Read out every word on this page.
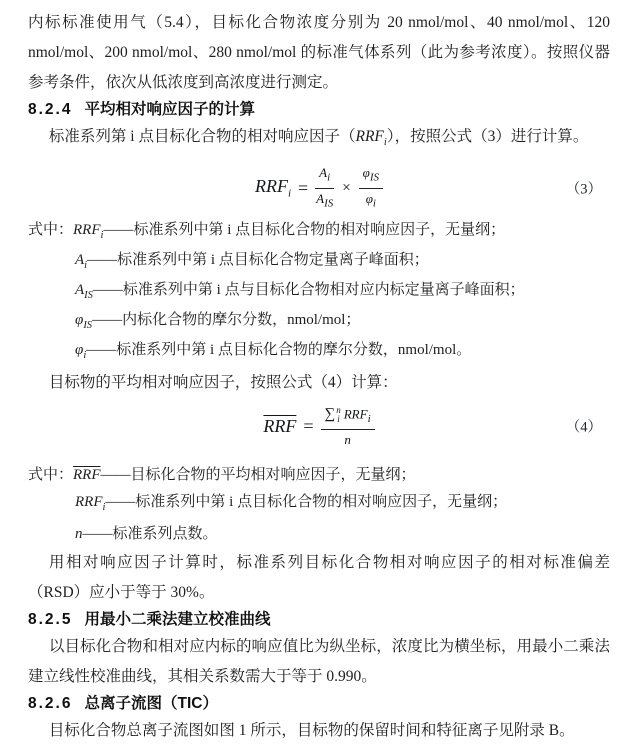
内标标准使用气（5.4），目标化合物浓度分别为 20 nmol/mol、40 nmol/mol、120 nmol/mol、200 nmol/mol、280 nmol/mol 的标准气体系列（此为参考浓度）。按照仪器参考条件，依次从低浓度到高浓度进行测定。

8.2.4 平均相对响应因子的计算

标准系列第 i 点目标化合物的相对响应因子$(RRF_i)$，按照公式（3）进行计算。

$RRF_i = \frac{A_i}{A_{IS}} \times \frac{\varphi_{IS}}{\varphi_i}$	（3）
式中：$RRF_i——$标准系列中第 i 点目标化合物的相对响应因子，无量纲；
$A_i——$标准系列中第 i 点目标化合物定量离子峰面积；
$A_{IS}——$标准系列中第 i 点与目标化合物相对应内标定量离子峰面积；
$\varphi_{IS}——$内标化合物的摩尔分数，nmol/mol；
$\varphi_i——$标准系列中第 i 点目标化合物的摩尔分数，nmol/mol。

目标物的平均相对响应因子，按照公式（4）计算：

$\overline{RRF}$ = ∑ n
i $RRF_i$
n	（4）
式中：$\overline{RRF}——$目标化合物的平均相对响应因子，无量纲；
$RRF_i——$标准系列中第 i 点目标化合物的相对响应因子，无量纲；
n——标准系列点数。

用相对响应因子计算时，标准系列目标化合物相对响应因子的相对标准偏差（RSD）应小于等于 30%。

8.2.5 用最小二乘法建立校准曲线

以目标化合物和相对应内标的响应值比为纵坐标，浓度比为横坐标，用最小二乘法建立线性校准曲线，其相关系数需大于等于 0.990。

8.2.6 总离子流图（TIC）

目标化合物总离子流图如图 1 所示，目标物的保留时间和特征离子见附录 B。
